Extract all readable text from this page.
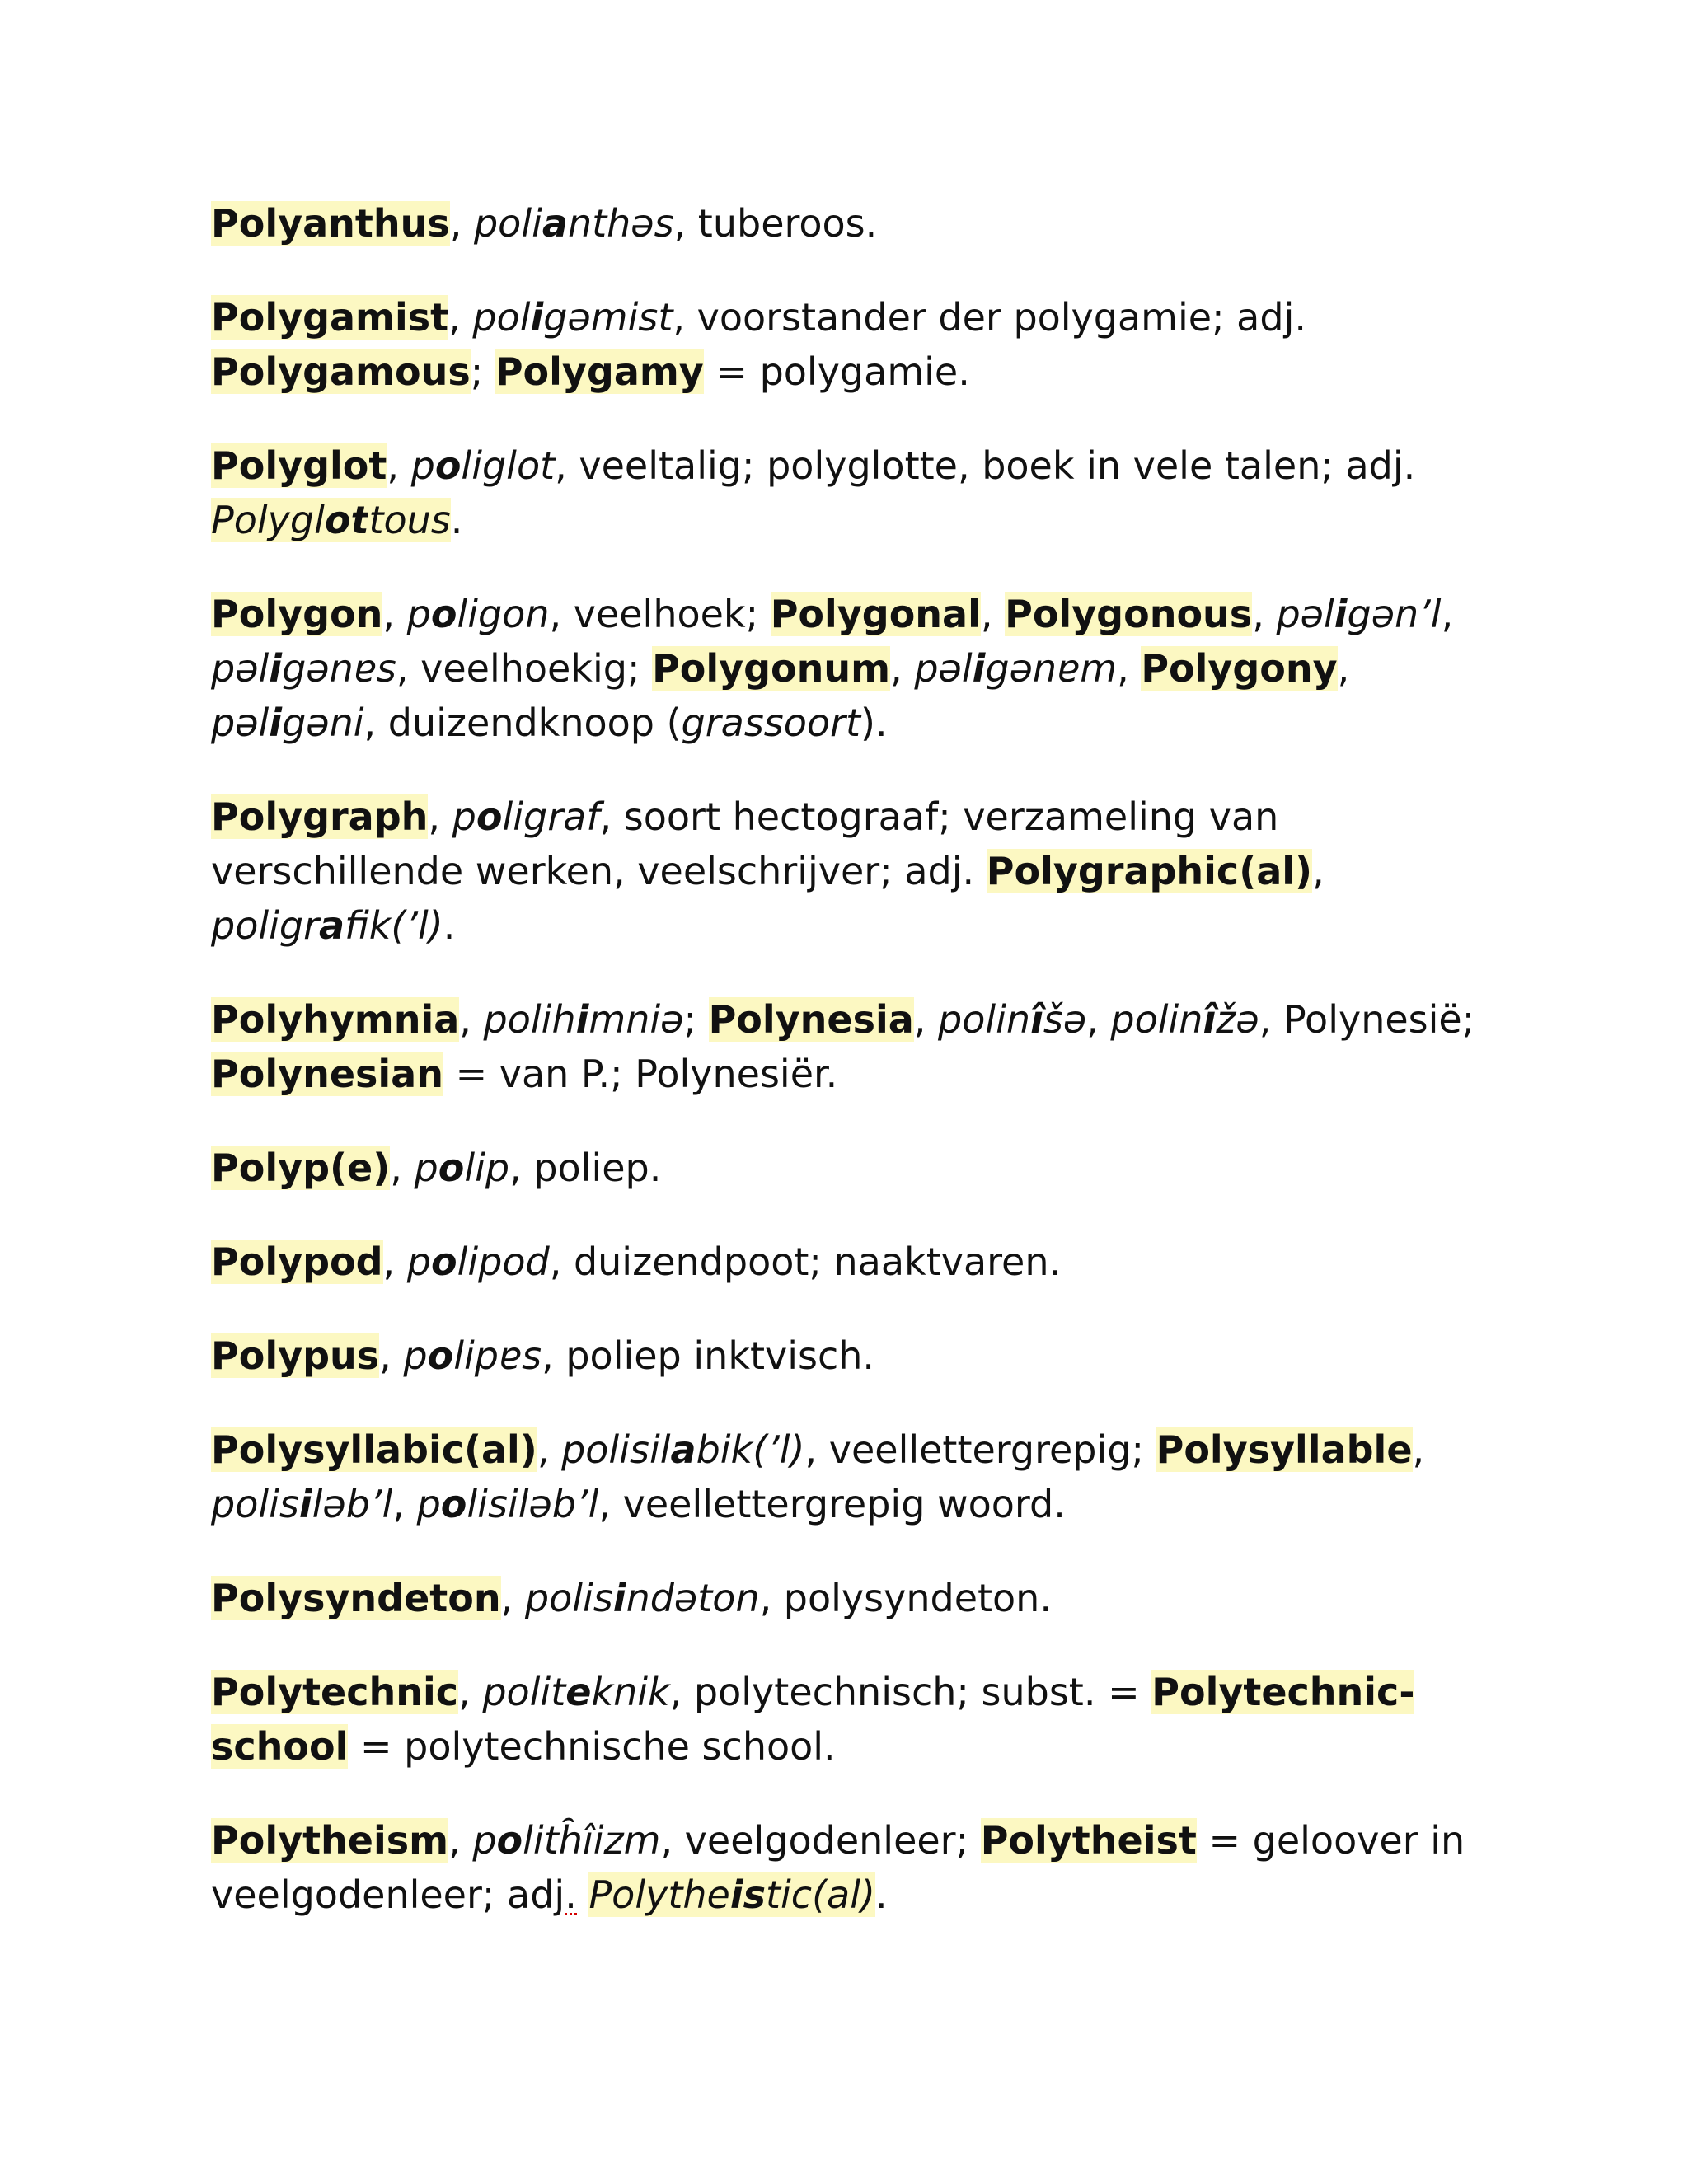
Polyanthus, polianthəs, tuberoos.

Polygamist, poligəmist, voorstander der polygamie; adj. Polygamous; Polygamy = polygamie.

Polyglot, poliglot, veeltalig; polyglotte, boek in vele talen; adj. Polyglottous.

Polygon, poligon, veelhoek; Polygonal, Polygonous, pəligən’l, pəligənɐs, veelhoekig; Polygonum, pəligənɐm, Polygony, pəligəni, duizendknoop (grassoort).

Polygraph, poligraf, soort hectograaf; verzameling van verschillende werken, veelschrijver; adj. Polygraphic(al), poligrafik(’l).

Polyhymnia, polihimniə; Polynesia, polinîšə, polinîžə, Polynesië; Polynesian = van P.; Polynesiër.

Polyp(e), polip, poliep.

Polypod, polipod, duizendpoot; naaktvaren.

Polypus, polipɐs, poliep inktvisch.

Polysyllabic(al), polisilabik(’l), veellettergrepig; Polysyllable, polisiləb’l, polisiləb’l, veellettergrepig woord.

Polysyndeton, polisindəton, polysyndeton.

Polytechnic, politeknik, polytechnisch; subst. = Polytechnic-school = polytechnische school.

Polytheism, polith̑îizm, veelgodenleer; Polytheist = geloover in veelgodenleer; adj. Polytheistic(al).
